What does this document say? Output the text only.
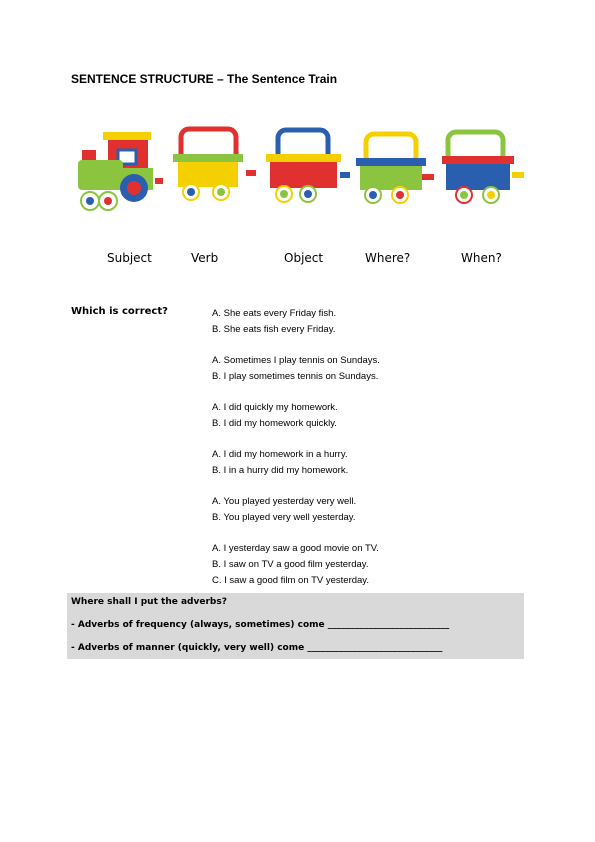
SENTENCE STRUCTURE – The Sentence Train
Subject	Verb	Object	Where?	When?
Which is correct?	A. She eats every Friday fish.
B. She eats fish every Friday.
A. Sometimes I play tennis on Sundays.
B. I play sometimes tennis on Sundays.
A. I did quickly my homework.
B. I did my homework quickly.
A. I did my homework in a hurry.
B. I in a hurry did my homework.
A. You played yesterday very well.
B. You played very well yesterday.
A. I yesterday saw a good movie on TV.
B. I saw on TV a good film yesterday.
C. I saw a good film on TV yesterday.
Where shall I put the adverbs?
- Adverbs of frequency (always, sometimes) come ___________________________
- Adverbs of manner (quickly, very well) come ______________________________
